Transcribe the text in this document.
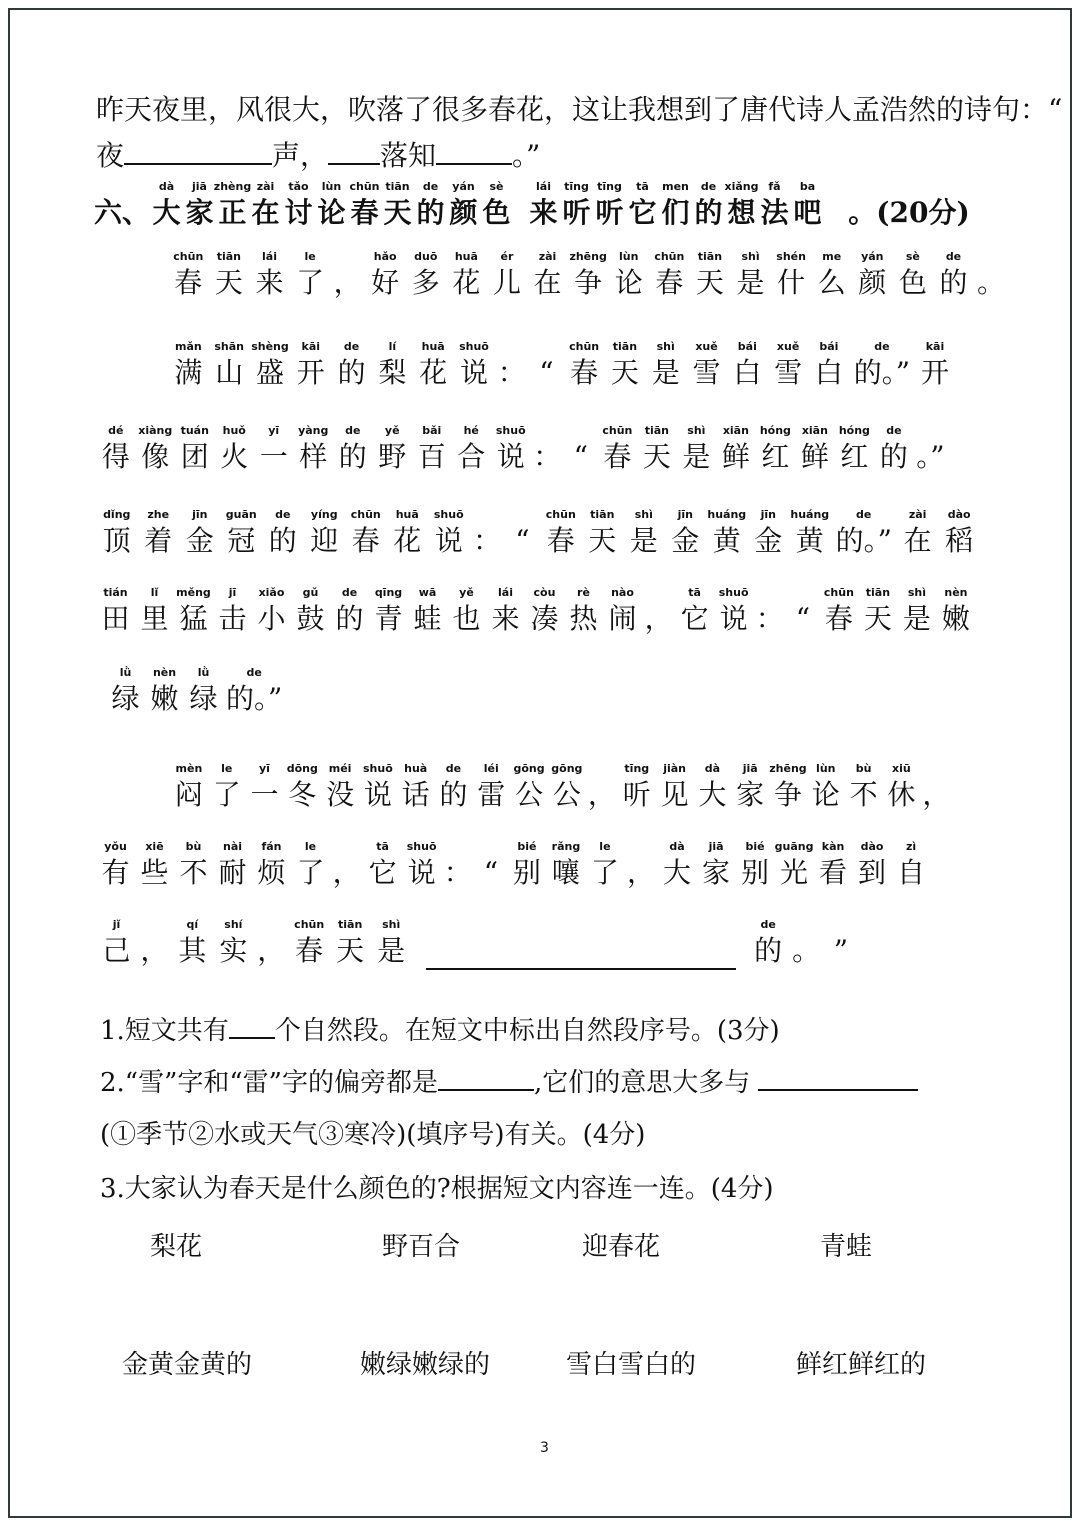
昨天夜里，风很大，吹落了很多春花，这让我想到了唐代诗人孟浩然的诗句：“
夜	声， 落知	。”
六、
dà
大
jiā
家
zhèng
正
zài
在
tǎo
讨
lùn
论
chūn
春
tiān
天
de
的
yán
颜
sè
色
lái
来
tīng
听
tīng
听
tā
它
men
们
de
的
xiǎng
想
fǎ
法
ba
吧 。(20分)
chūn
春
tiān
天
lái
来
le
了 ，
hǎo
好
duō
多
huā
花
ér
儿
zài
在
zhēng
争
lùn
论
chūn
春
tiān
天
shì
是
shén
什
me
么
yán
颜
sè
色
de
的 。
mǎn
满
shān
山
shèng
盛
kāi
开
de
的
lí
梨
huā
花
shuō
说 ： “
chūn
春
tiān
天
shì
是
xuě
雪
bái
白
xuě
雪
bái
白
de
的。”
kāi
开
dé
得
xiàng
像
tuán
团
huǒ
火
yī
一
yàng
样
de
的
yě
野
bǎi
百
hé
合
shuō
说 ： “
chūn
春
tiān
天
shì
是
xiān
鲜
hóng
红
xiān
鲜
hóng
红
de
的 。”
dǐng
顶
zhe
着
jīn
金
guān
冠
de
的
yíng
迎
chūn
春
huā
花
shuō
说 ： “
chūn
春
tiān
天
shì
是
jīn
金
huáng
黄
jīn
金
huáng
黄
de
的。”
zài
在
dào
稻
tián
田
lǐ
里
měng
猛
jī
击
xiǎo
小
gǔ
鼓
de
的
qīng
青
wā
蛙
yě
也
lái
来
còu
凑
rè
热
nào
闹 ，
tā
它
shuō
说 ： “
chūn
春
tiān
天
shì
是
nèn
嫩
lǜ
绿
nèn
嫩
lǜ
绿
de
的。”
mèn
闷
le
了
yī
一
dōng
冬
méi
没
shuō
说
huà
话
de
的
léi
雷
gōng
公
gōng
公 ，
tīng
听
jiàn
见
dà
大
jiā
家
zhēng
争
lùn
论
bù
不
xiū
休 ，
yǒu
有
xiē
些
bù
不
nài
耐
fán
烦
le
了 ，
tā
它
shuō
说 ： “
bié
别
rǎng
嚷
le
了 ，
dà
大
jiā
家
bié
别
guāng
光
kàn
看
dào
到
zì
自
jǐ
己 ，
qí
其
shí
实 ，
chūn
春
tiān
天
shì
是
de
的 。 ”
1.短文共有 个自然段。在短文中标出自然段序号。(3分)
2.“雪”字和“雷”字的偏旁都是	,它们的意思大多与
(①季节②水或天气③寒冷)(填序号)有关。(4分)
3.大家认为春天是什么颜色的?根据短文内容连一连。(4分)
梨花	野百合	迎春花	青蛙
金黄金黄的	嫩绿嫩绿的	雪白雪白的	鲜红鲜红的
3
